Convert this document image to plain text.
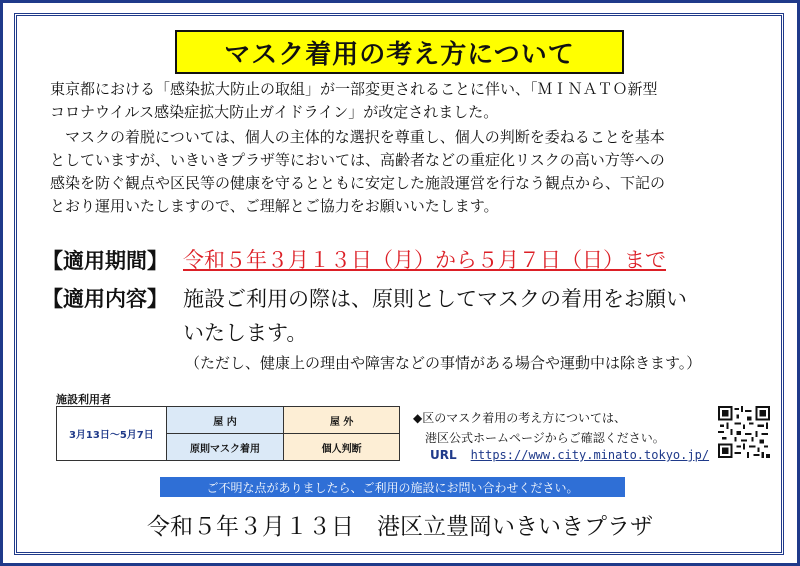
マスク着用の考え方について
東京都における「感染拡大防止の取組」が一部変更されることに伴い、「ＭＩＮＡＴＯ新型
コロナウイルス感染症拡大防止ガイドライン」が改定されました。
　マスクの着脱については、個人の主体的な選択を尊重し、個人の判断を委ねることを基本
としていますが、いきいきプラザ等においては、高齢者などの重症化リスクの高い方等への
感染を防ぐ観点や区民等の健康を守るとともに安定した施設運営を行なう観点から、下記の
とおり運用いたしますので、ご理解とご協力をお願いいたします。
【適用期間】 令和５年３月１３日（月）から５月７日（日）まで
【適用内容】 施設ご利用の際は、原則としてマスクの着用をお願い
いたします。
（ただし、健康上の理由や障害などの事情がある場合や運動中は除きます。）
施設利用者
3月13日～5月7日	屋 内	屋 外
	原則マスク着用	個人判断
◆区のマスク着用の考え方については、
　港区公式ホームページからご確認ください。
URL https://www.city.minato.tokyo.jp/
ご不明な点がありましたら、ご利用の施設にお問い合わせください。
令和５年３月１３日　港区立豊岡いきいきプラザ
